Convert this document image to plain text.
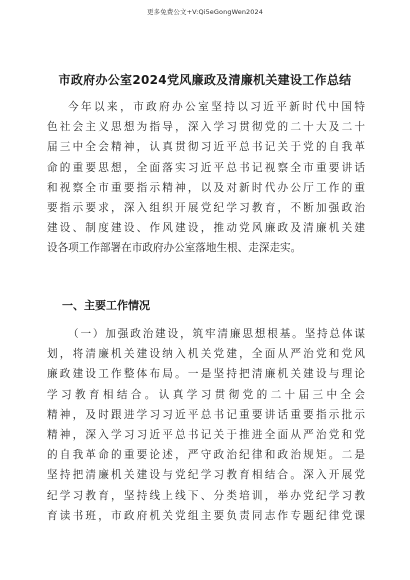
更多免费公文+V:Qi5eGongWen2024
市政府办公室2024党风廉政及清廉机关建设工作总结
今年以来，市政府办公室坚持以习近平新时代中国特
色社会主义思想为指导，深入学习贯彻党的二十大及二十
届三中全会精神，认真贯彻习近平总书记关于党的自我革
命的重要思想，全面落实习近平总书记视察全市重要讲话
和视察全市重要指示精神，以及对新时代办公厅工作的重
要指示要求，深入组织开展党纪学习教育，不断加强政治
建设、制度建设、作风建设，推动党风廉政及清廉机关建
设各项工作部署在市政府办公室落地生根、走深走实。
一、主要工作情况
（一）加强政治建设，筑牢清廉思想根基。坚持总体谋
划，将清廉机关建设纳入机关党建，全面从严治党和党风
廉政建设工作整体布局。一是坚持把清廉机关建设与理论
学习教育相结合。认真学习贯彻党的二十届三中全会
精神，及时跟进学习习近平总书记重要讲话重要指示批示
精神，深入学习习近平总书记关于推进全面从严治党和党
的自我革命的重要论述，严守政治纪律和政治规矩。二是
坚持把清廉机关建设与党纪学习教育相结合。深入开展党
纪学习教育，坚持线上线下、分类培训，举办党纪学习教
育读书班，市政府机关党组主要负责同志作专题纪律党课
